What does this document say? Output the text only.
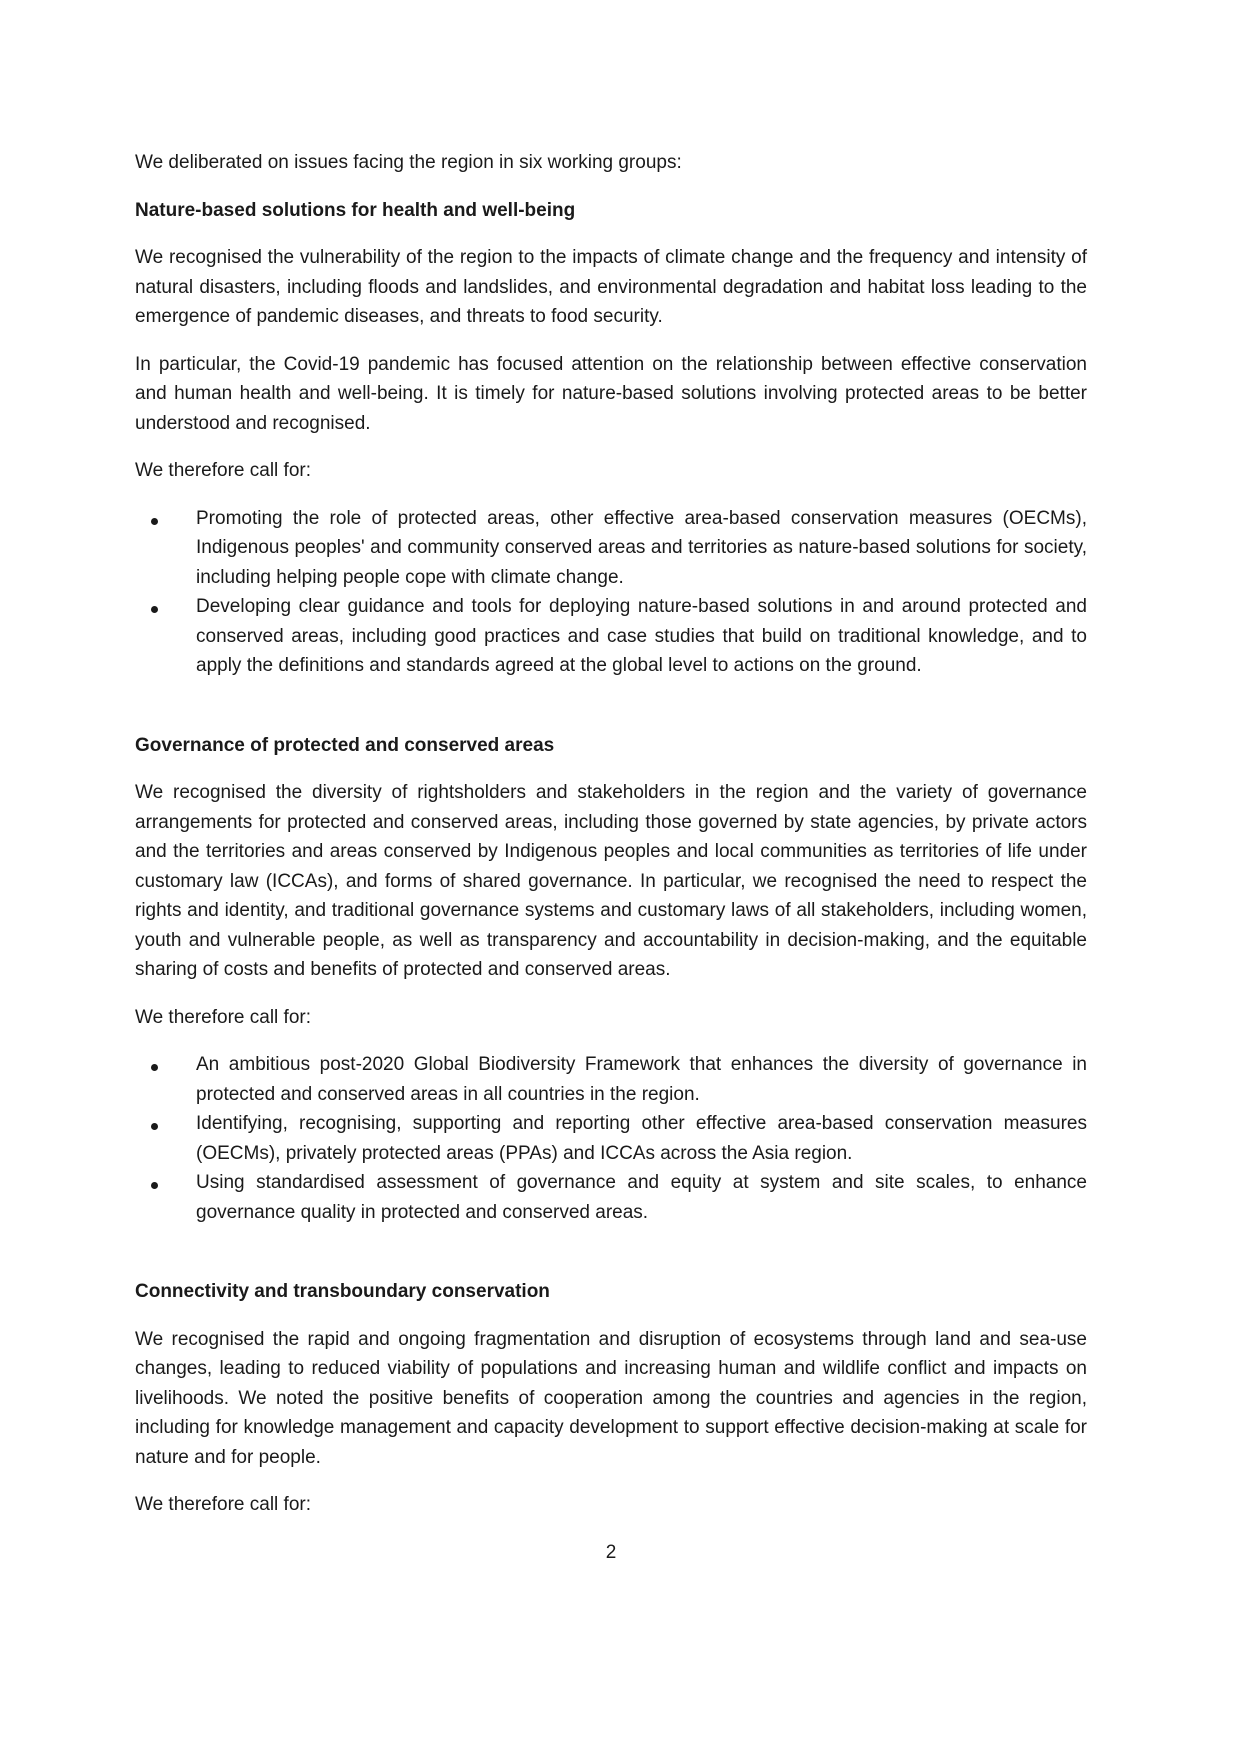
We deliberated on issues facing the region in six working groups:

Nature-based solutions for health and well-being

We recognised the vulnerability of the region to the impacts of climate change and the frequency and intensity of natural disasters, including floods and landslides, and environmental degradation and habitat loss leading to the emergence of pandemic diseases, and threats to food security.

In particular, the Covid-19 pandemic has focused attention on the relationship between effective conservation and human health and well-being. It is timely for nature-based solutions involving protected areas to be better understood and recognised.

We therefore call for:

Promoting the role of protected areas, other effective area-based conservation measures (OECMs), Indigenous peoples' and community conserved areas and territories as nature-based solutions for society, including helping people cope with climate change.
Developing clear guidance and tools for deploying nature-based solutions in and around protected and conserved areas, including good practices and case studies that build on traditional knowledge, and to apply the definitions and standards agreed at the global level to actions on the ground.
Governance of protected and conserved areas

We recognised the diversity of rightsholders and stakeholders in the region and the variety of governance arrangements for protected and conserved areas, including those governed by state agencies, by private actors and the territories and areas conserved by Indigenous peoples and local communities as territories of life under customary law (ICCAs), and forms of shared governance. In particular, we recognised the need to respect the rights and identity, and traditional governance systems and customary laws of all stakeholders, including women, youth and vulnerable people, as well as transparency and accountability in decision-making, and the equitable sharing of costs and benefits of protected and conserved areas.

We therefore call for:

An ambitious post-2020 Global Biodiversity Framework that enhances the diversity of governance in protected and conserved areas in all countries in the region.
Identifying, recognising, supporting and reporting other effective area-based conservation measures (OECMs), privately protected areas (PPAs) and ICCAs across the Asia region.
Using standardised assessment of governance and equity at system and site scales, to enhance governance quality in protected and conserved areas.
Connectivity and transboundary conservation

We recognised the rapid and ongoing fragmentation and disruption of ecosystems through land and sea-use changes, leading to reduced viability of populations and increasing human and wildlife conflict and impacts on livelihoods. We noted the positive benefits of cooperation among the countries and agencies in the region, including for knowledge management and capacity development to support effective decision-making at scale for nature and for people.

We therefore call for:

2
